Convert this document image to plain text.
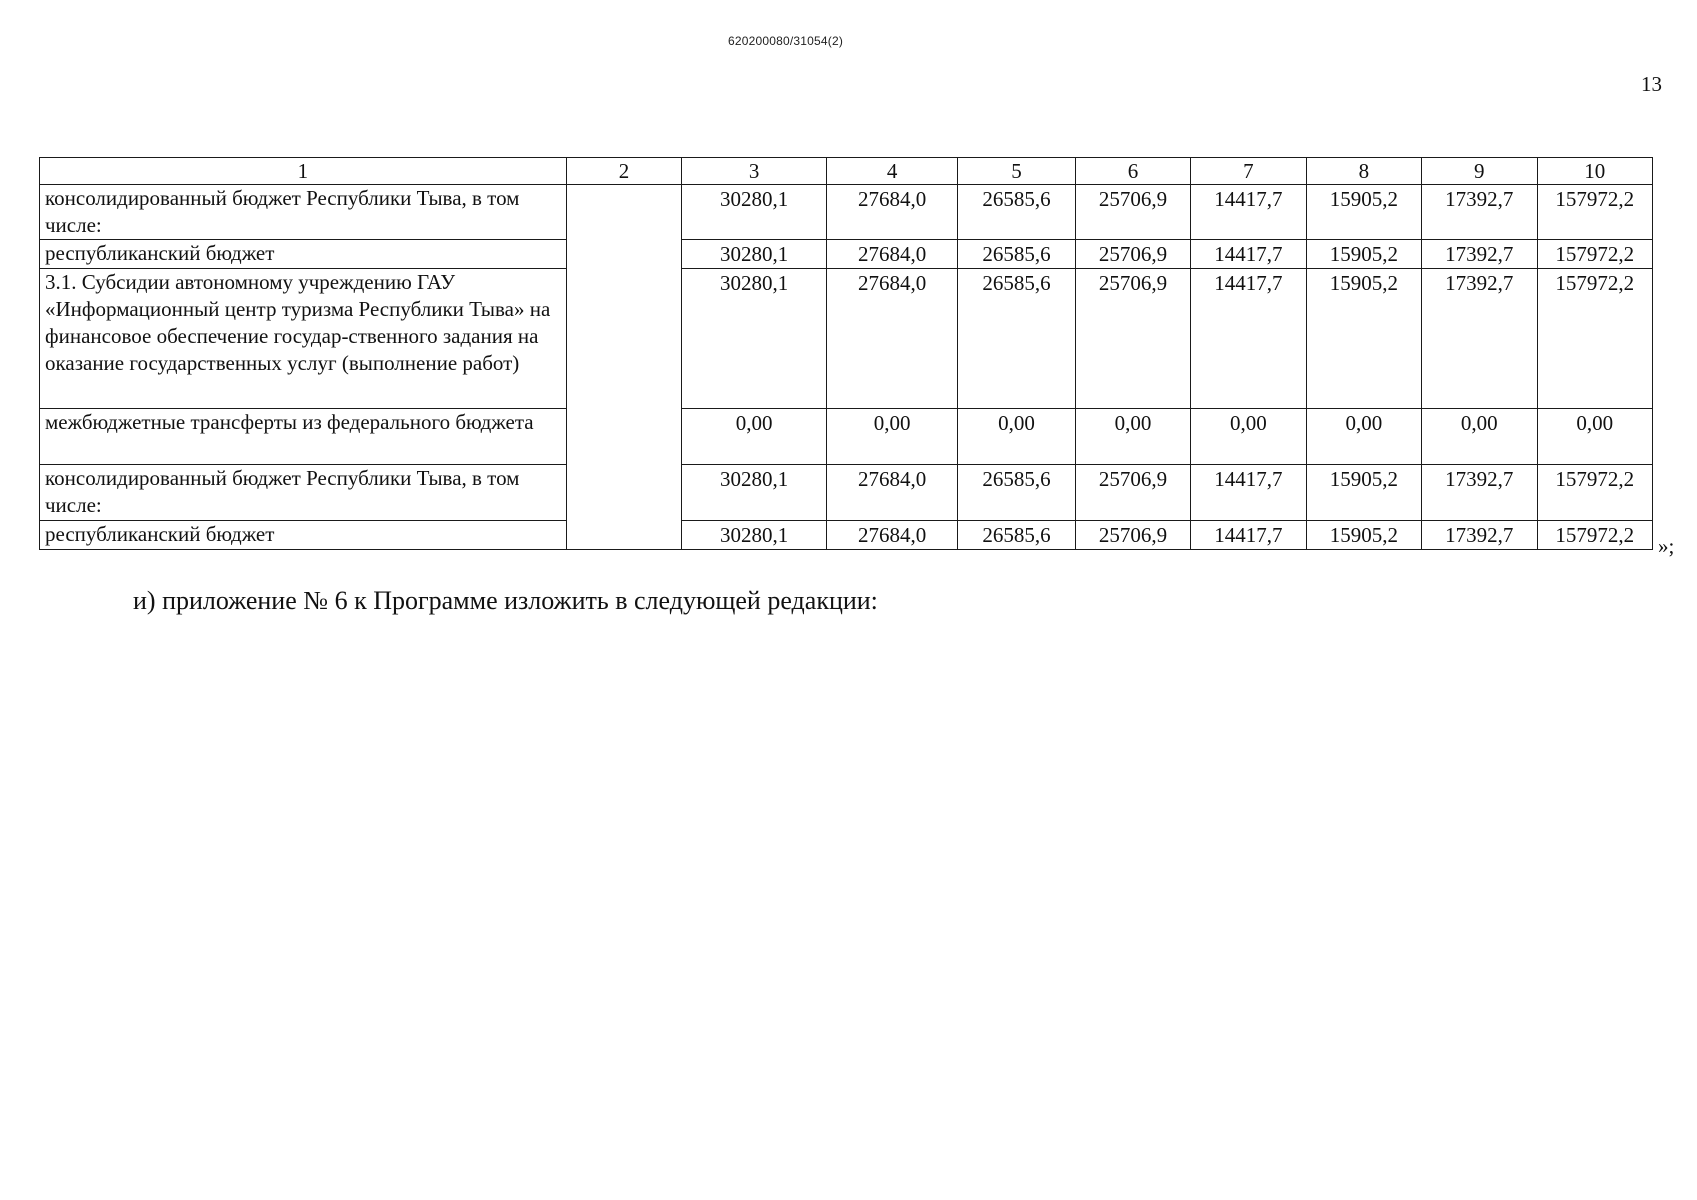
620200080/31054(2)
13
1	2	3	4	5	6	7	8	9	10
консолидированный бюджет Республики Тыва, в том числе:		30280,1	27684,0	26585,6	25706,9	14417,7	15905,2	17392,7	157972,2
республиканский бюджет		30280,1	27684,0	26585,6	25706,9	14417,7	15905,2	17392,7	157972,2
3.1. Субсидии автономному учреждению ГАУ «Информационный центр туризма Республики Тыва» на финансовое обеспечение государ-ственного задания на оказание государственных услуг (выполнение работ)		30280,1	27684,0	26585,6	25706,9	14417,7	15905,2	17392,7	157972,2
межбюджетные трансферты из федерального бюджета		0,00	0,00	0,00	0,00	0,00	0,00	0,00	0,00
консолидированный бюджет Республики Тыва, в том числе:		30280,1	27684,0	26585,6	25706,9	14417,7	15905,2	17392,7	157972,2
республиканский бюджет		30280,1	27684,0	26585,6	25706,9	14417,7	15905,2	17392,7	157972,2 »;
и) приложение № 6 к Программе изложить в следующей редакции:
